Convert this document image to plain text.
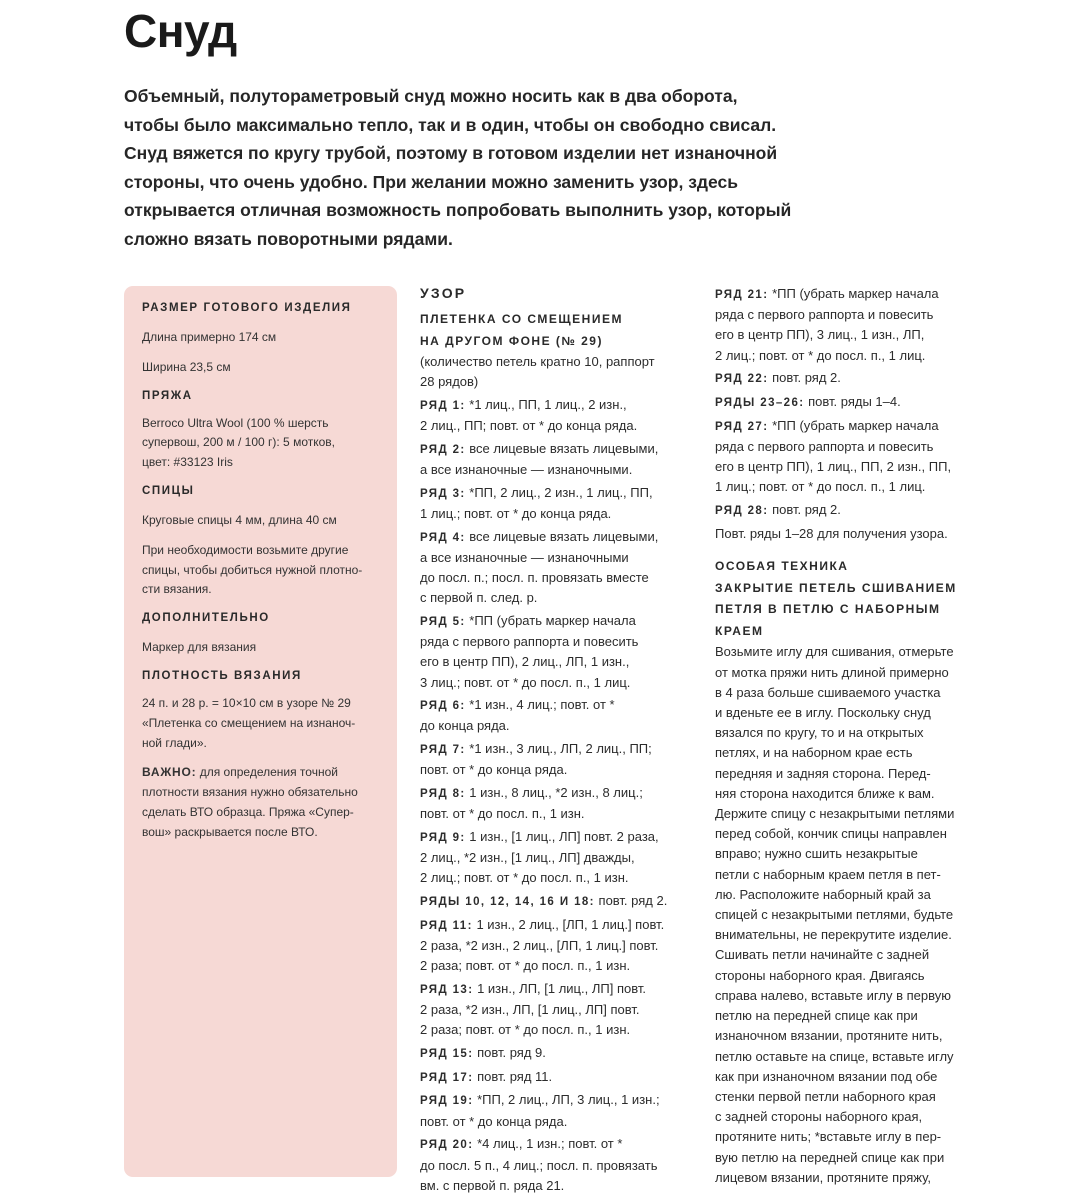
Снуд
Объемный, полутораметровый снуд можно носить как в два оборота,
чтобы было максимально тепло, так и в один, чтобы он свободно свисал.
Снуд вяжется по кругу трубой, поэтому в готовом изделии нет изнаночной
стороны, что очень удобно. При желании можно заменить узор, здесь
открывается отличная возможность попробовать выполнить узор, который
сложно вязать поворотными рядами.
РАЗМЕР ГОТОВОГО ИЗДЕЛИЯ
Длина примерно 174 см
Ширина 23,5 см
ПРЯЖА
Berroco Ultra Wool (100 % шерсть
супервош, 200 м / 100 г): 5 мотков,
цвет: #33123 Iris
СПИЦЫ
Круговые спицы 4 мм, длина 40 см
При необходимости возьмите другие
спицы, чтобы добиться нужной плотно-
сти вязания.
ДОПОЛНИТЕЛЬНО
Маркер для вязания
ПЛОТНОСТЬ ВЯЗАНИЯ
24 п. и 28 р. = 10×10 см в узоре № 29
«Плетенка со смещением на изнаноч-
ной глади».
ВАЖНО: для определения точной
плотности вязания нужно обязательно
сделать ВТО образца. Пряжа «Супер-
вош» раскрывается после ВТО.
УЗОР
ПЛЕТЕНКА СО СМЕЩЕНИЕМ
НА ДРУГОМ ФОНЕ (№ 29)
(количество петель кратно 10, раппорт
28 рядов)
РЯД 1: *1 лиц., ПП, 1 лиц., 2 изн.,
2 лиц., ПП; повт. от * до конца ряда.
РЯД 2: все лицевые вязать лицевыми,
а все изнаночные — изнаночными.
РЯД 3: *ПП, 2 лиц., 2 изн., 1 лиц., ПП,
1 лиц.; повт. от * до конца ряда.
РЯД 4: все лицевые вязать лицевыми,
а все изнаночные — изнаночными
до посл. п.; посл. п. провязать вместе
с первой п. след. р.
РЯД 5: *ПП (убрать маркер начала
ряда с первого раппорта и повесить
его в центр ПП), 2 лиц., ЛП, 1 изн.,
3 лиц.; повт. от * до посл. п., 1 лиц.
РЯД 6: *1 изн., 4 лиц.; повт. от *
до конца ряда.
РЯД 7: *1 изн., 3 лиц., ЛП, 2 лиц., ПП;
повт. от * до конца ряда.
РЯД 8: 1 изн., 8 лиц., *2 изн., 8 лиц.;
повт. от * до посл. п., 1 изн.
РЯД 9: 1 изн., [1 лиц., ЛП] повт. 2 раза,
2 лиц., *2 изн., [1 лиц., ЛП] дважды,
2 лиц.; повт. от * до посл. п., 1 изн.
РЯДЫ 10, 12, 14, 16 И 18: повт. ряд 2.
РЯД 11: 1 изн., 2 лиц., [ЛП, 1 лиц.] повт.
2 раза, *2 изн., 2 лиц., [ЛП, 1 лиц.] повт.
2 раза; повт. от * до посл. п., 1 изн.
РЯД 13: 1 изн., ЛП, [1 лиц., ЛП] повт.
2 раза, *2 изн., ЛП, [1 лиц., ЛП] повт.
2 раза; повт. от * до посл. п., 1 изн.
РЯД 15: повт. ряд 9.
РЯД 17: повт. ряд 11.
РЯД 19: *ПП, 2 лиц., ЛП, 3 лиц., 1 изн.;
повт. от * до конца ряда.
РЯД 20: *4 лиц., 1 изн.; повт. от *
до посл. 5 п., 4 лиц.; посл. п. провязать
вм. с первой п. ряда 21.
РЯД 21: *ПП (убрать маркер начала
ряда с первого раппорта и повесить
его в центр ПП), 3 лиц., 1 изн., ЛП,
2 лиц.; повт. от * до посл. п., 1 лиц.
РЯД 22: повт. ряд 2.
РЯДЫ 23–26: повт. ряды 1–4.
РЯД 27: *ПП (убрать маркер начала
ряда с первого раппорта и повесить
его в центр ПП), 1 лиц., ПП, 2 изн., ПП,
1 лиц.; повт. от * до посл. п., 1 лиц.
РЯД 28: повт. ряд 2.
Повт. ряды 1–28 для получения узора.
ОСОБАЯ ТЕХНИКА
ЗАКРЫТИЕ ПЕТЕЛЬ СШИВАНИЕМ
ПЕТЛЯ В ПЕТЛЮ С НАБОРНЫМ
КРАЕМ
Возьмите иглу для сшивания, отмерьте
от мотка пряжи нить длиной примерно
в 4 раза больше сшиваемого участка
и вденьте ее в иглу. Поскольку снуд
вязался по кругу, то и на открытых
петлях, и на наборном крае есть
передняя и задняя сторона. Перед-
няя сторона находится ближе к вам.
Держите спицу с незакрытыми петлями
перед собой, кончик спицы направлен
вправо; нужно сшить незакрытые
петли с наборным краем петля в пет-
лю. Расположите наборный край за
спицей с незакрытыми петлями, будьте
внимательны, не перекрутите изделие.
Сшивать петли начинайте с задней
стороны наборного края. Двигаясь
справа налево, вставьте иглу в первую
петлю на передней спице как при
изнаночном вязании, протяните нить,
петлю оставьте на спице, вставьте иглу
как при изнаночном вязании под обе
стенки первой петли наборного края
с задней стороны наборного края,
протяните нить; *вставьте иглу в пер-
вую петлю на передней спице как при
лицевом вязании, протяните пряжу,
